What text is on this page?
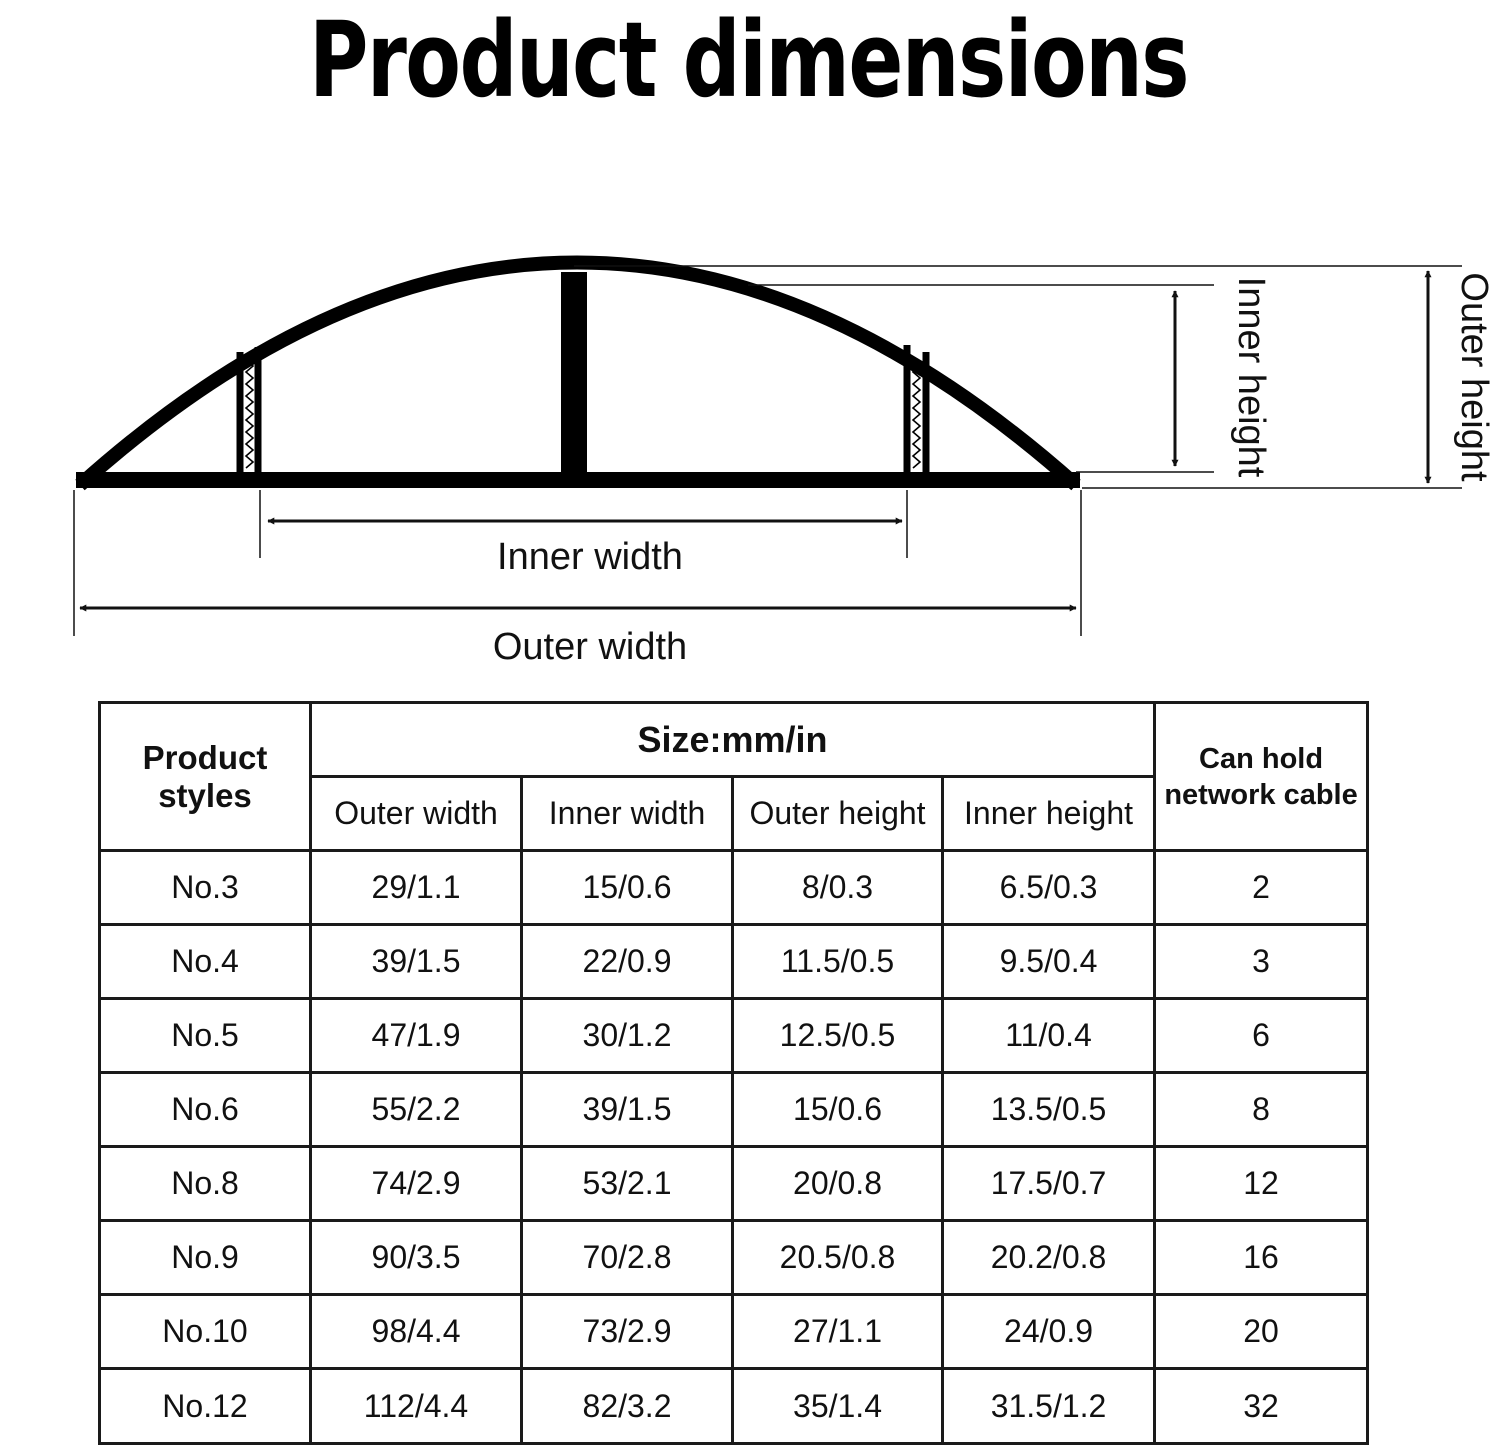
Product dimensions
Inner width
Outer width
Inner height	Outer height
Product styles	Size:mm/in				Can hold network cable
	Outer width	Inner width	Outer height	Inner height	
No.3	29/1.1	15/0.6	8/0.3	6.5/0.3	2
No.4	39/1.5	22/0.9	11.5/0.5	9.5/0.4	3
No.5	47/1.9	30/1.2	12.5/0.5	11/0.4	6
No.6	55/2.2	39/1.5	15/0.6	13.5/0.5	8
No.8	74/2.9	53/2.1	20/0.8	17.5/0.7	12
No.9	90/3.5	70/2.8	20.5/0.8	20.2/0.8	16
No.10	98/4.4	73/2.9	27/1.1	24/0.9	20
No.12	112/4.4	82/3.2	35/1.4	31.5/1.2	32
